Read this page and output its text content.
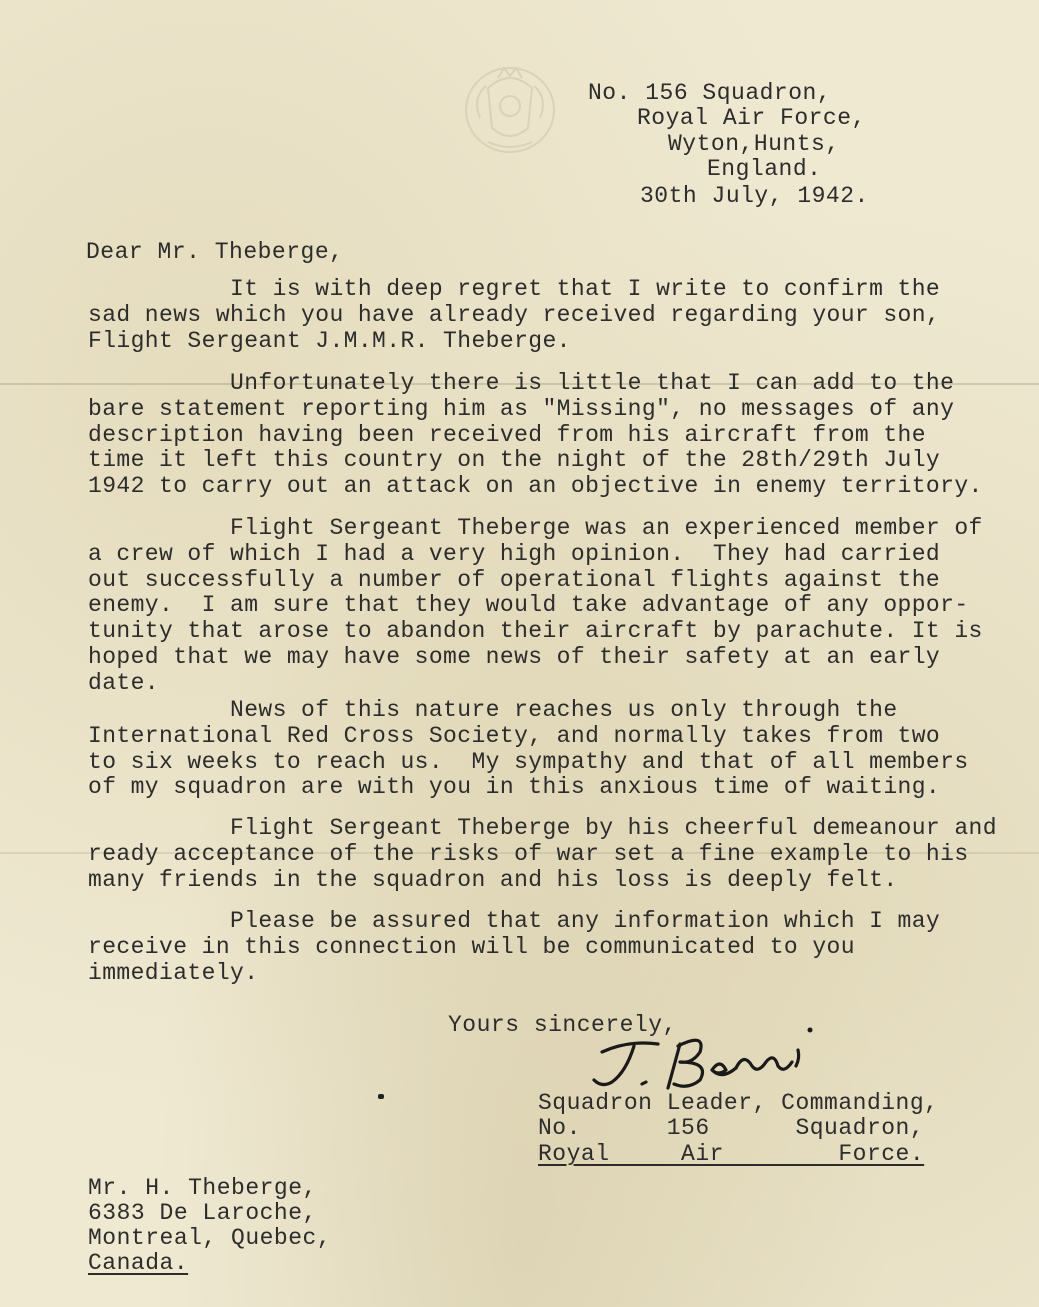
No. 156 Squadron,
Royal Air Force,
Wyton,Hunts,
England.
30th July, 1942.
Dear Mr. Theberge,
It is with deep regret that I write to confirm the
sad news which you have already received regarding your son,
Flight Sergeant J.M.M.R. Theberge.
Unfortunately there is little that I can add to the
bare statement reporting him as "Missing", no messages of any
description having been received from his aircraft from the
time it left this country on the night of the 28th/29th July
1942 to carry out an attack on an objective in enemy territory.
Flight Sergeant Theberge was an experienced member of
a crew of which I had a very high opinion.  They had carried
out successfully a number of operational flights against the
enemy.  I am sure that they would take advantage of any oppor-
tunity that arose to abandon their aircraft by parachute. It is
hoped that we may have some news of their safety at an early
date.
News of this nature reaches us only through the
International Red Cross Society, and normally takes from two
to six weeks to reach us.  My sympathy and that of all members
of my squadron are with you in this anxious time of waiting.
Flight Sergeant Theberge by his cheerful demeanour and
ready acceptance of the risks of war set a fine example to his
many friends in the squadron and his loss is deeply felt.
Please be assured that any information which I may
receive in this connection will be communicated to you
immediately.
Yours sincerely,
Squadron Leader, Commanding,
No.      156      Squadron,
Royal     Air        Force.
Mr. H. Theberge,
6383 De Laroche,
Montreal, Quebec,
Canada.
